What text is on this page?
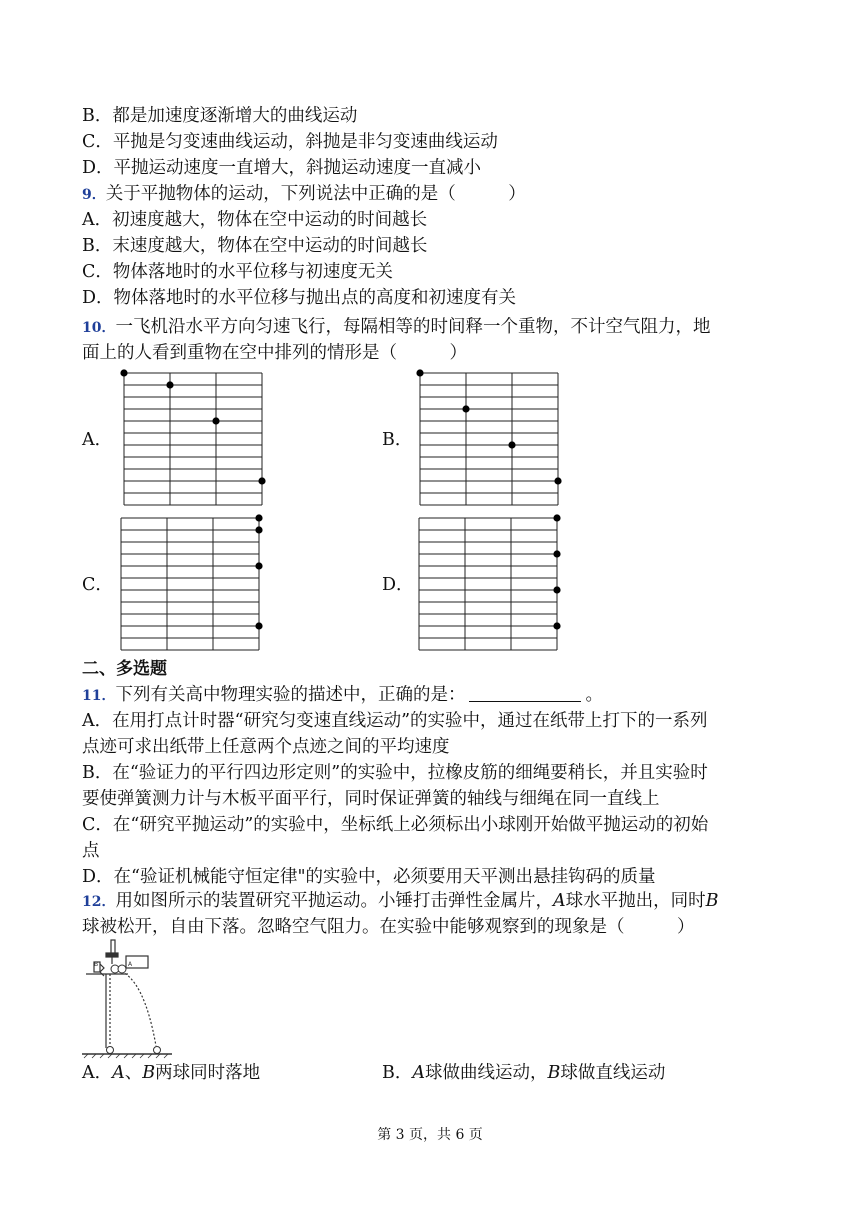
B．都是加速度逐渐增大的曲线运动
C．平抛是匀变速曲线运动，斜抛是非匀变速曲线运动
D．平抛运动速度一直增大，斜抛运动速度一直减小
9．关于平抛物体的运动，下列说法中正确的是（　　　）
A．初速度越大，物体在空中运动的时间越长
B．末速度越大，物体在空中运动的时间越长
C．物体落地时的水平位移与初速度无关
D．物体落地时的水平位移与抛出点的高度和初速度有关
10．一飞机沿水平方向匀速飞行，每隔相等的时间释一个重物，不计空气阻力，地
面上的人看到重物在空中排列的情形是（　　　）
A．	B．
C．	D．
二、多选题
11．下列有关高中物理实验的描述中，正确的是：	。
A．在用打点计时器“研究匀变速直线运动”的实验中，通过在纸带上打下的一系列
点迹可求出纸带上任意两个点迹之间的平均速度
B．在“验证力的平行四边形定则”的实验中，拉橡皮筋的细绳要稍长，并且实验时
要使弹簧测力计与木板平面平行，同时保证弹簧的轴线与细绳在同一直线上
C．在“研究平抛运动”的实验中，坐标纸上必须标出小球刚开始做平抛运动的初始
点
D．在“验证机械能守恒定律"的实验中，必须要用天平测出悬挂钩码的质量
12．用如图所示的装置研究平抛运动。小锤打击弹性金属片，A球水平抛出，同时B
球被松开，自由下落。忽略空气阻力。在实验中能够观察到的现象是（　　　）
B	A
A．A、B两球同时落地	B．A球做曲线运动，B球做直线运动
第 3 页，共 6 页
